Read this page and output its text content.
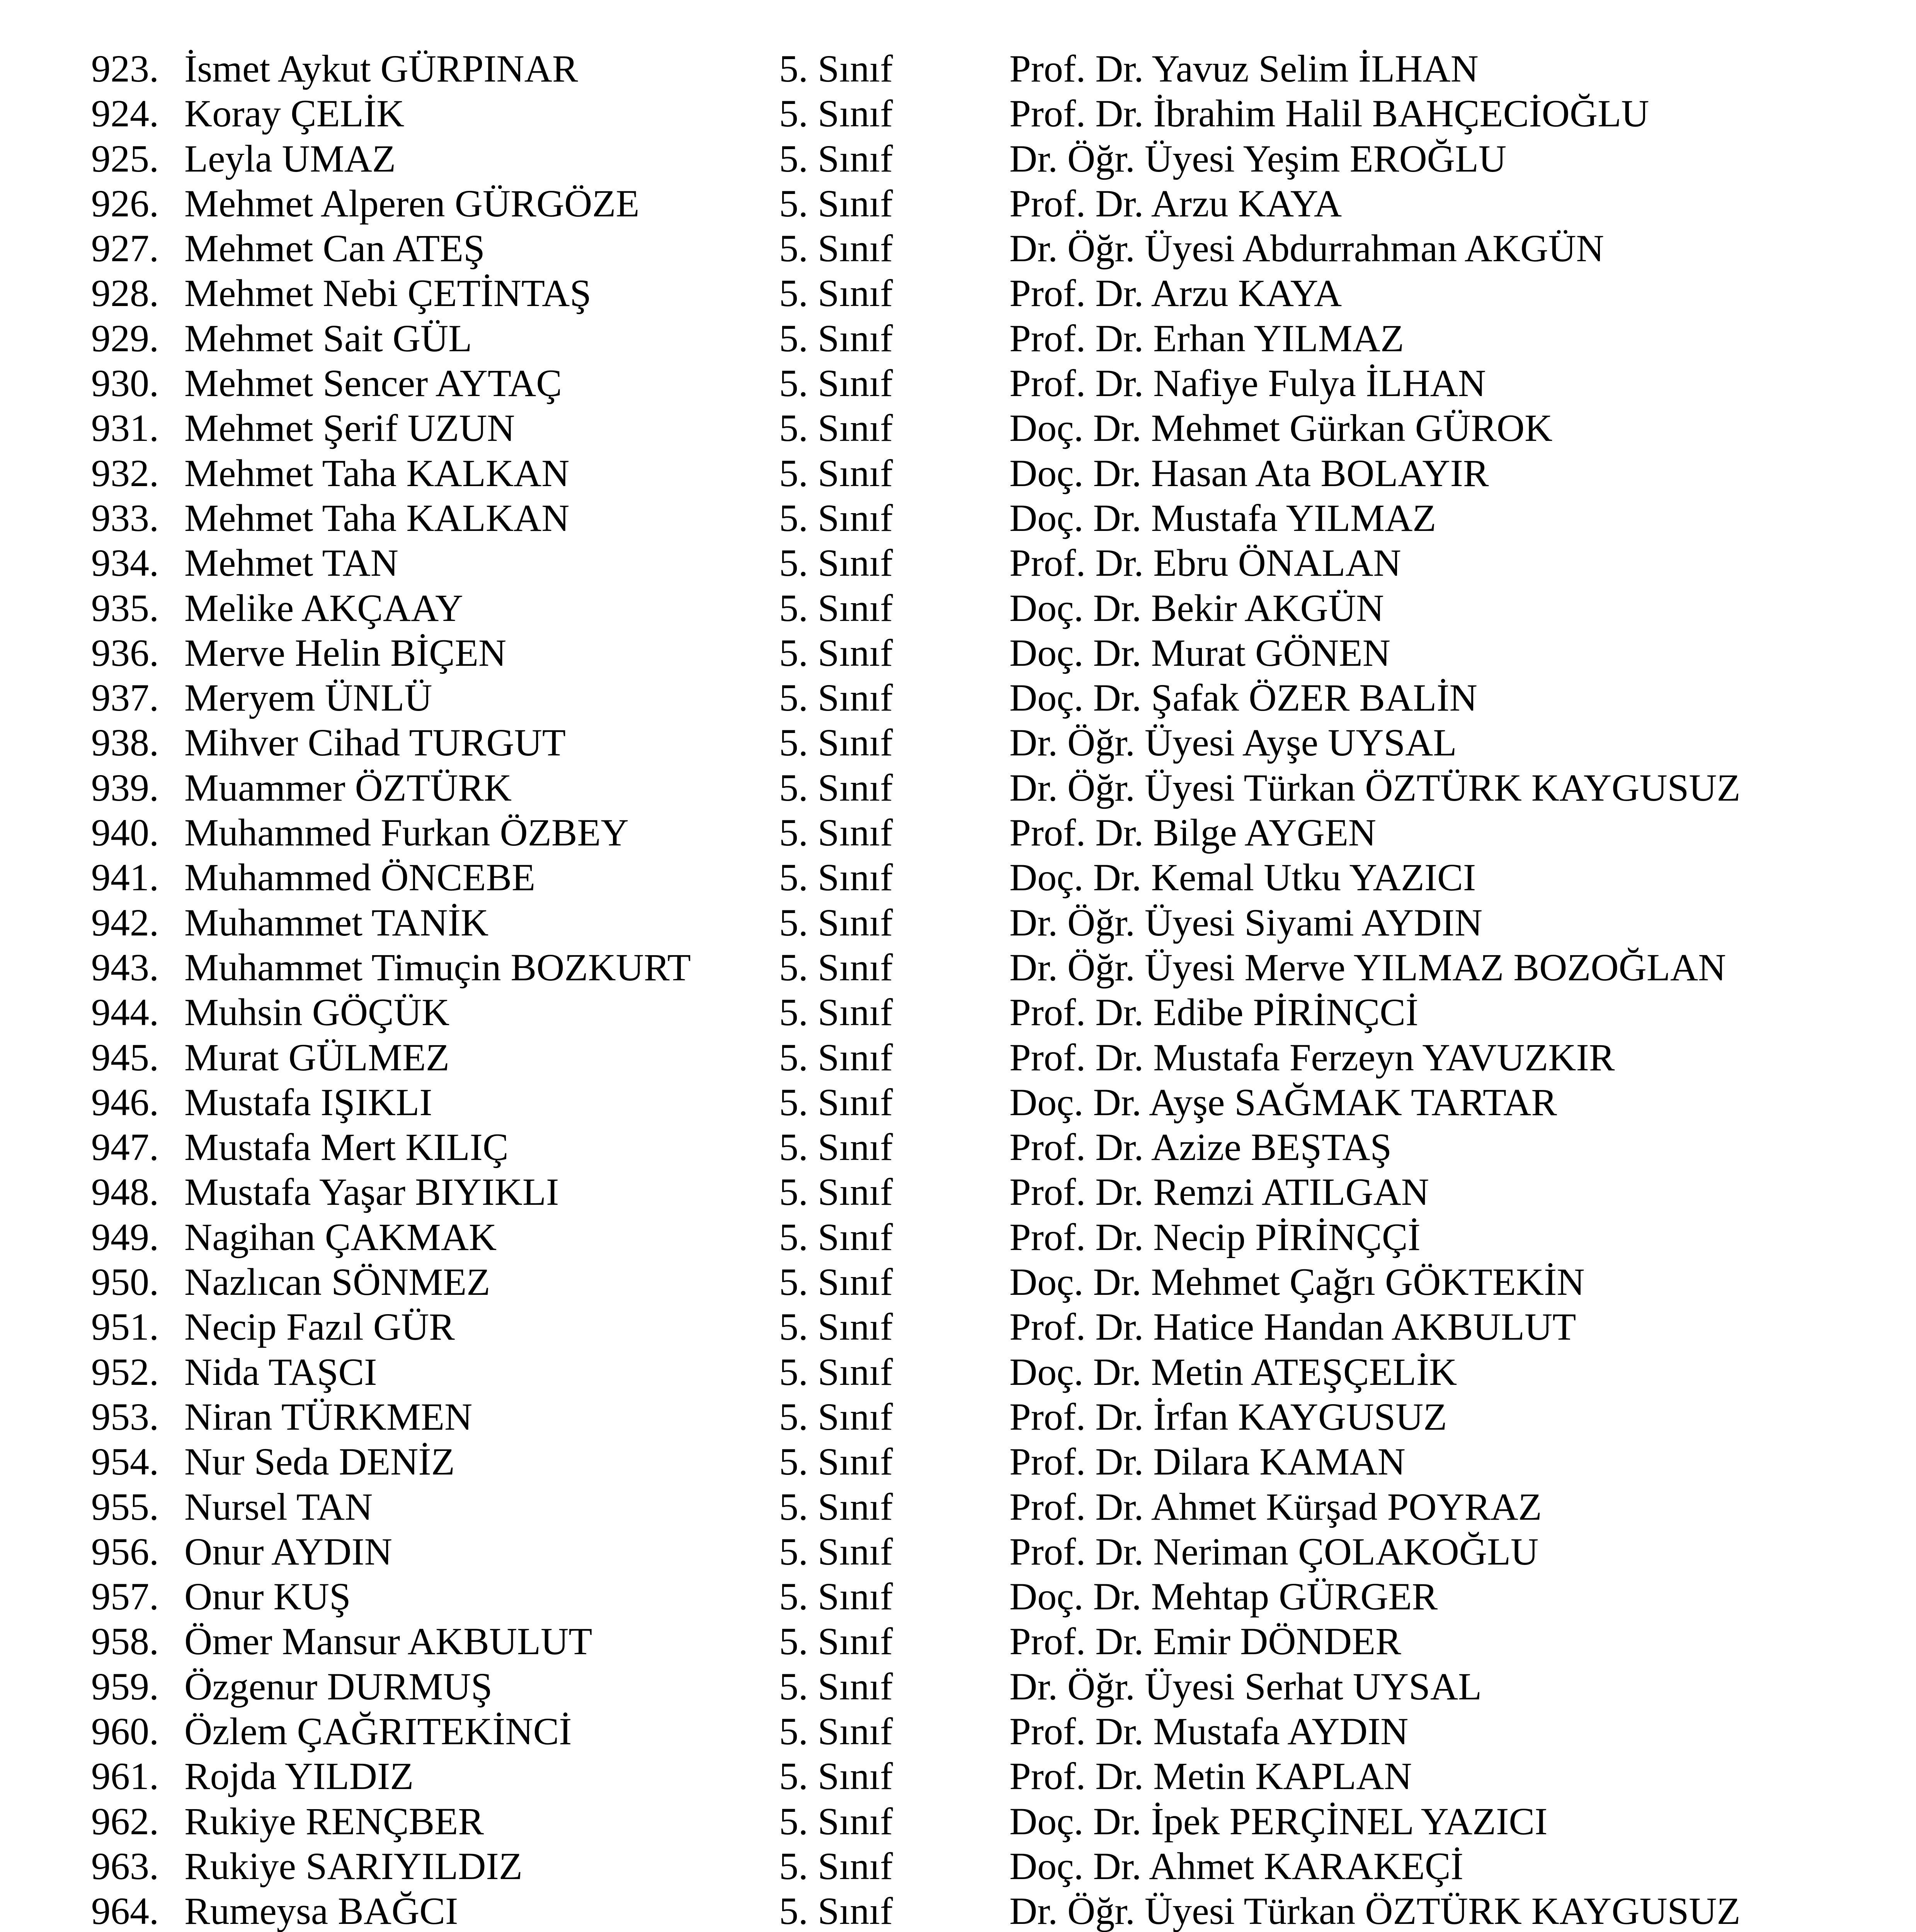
923. İsmet Aykut GÜRPINAR	5. Sınıf	Prof. Dr. Yavuz Selim İLHAN
924. Koray ÇELİK	5. Sınıf	Prof. Dr. İbrahim Halil BAHÇECİOĞLU
925. Leyla UMAZ	5. Sınıf	Dr. Öğr. Üyesi Yeşim EROĞLU
926. Mehmet Alperen GÜRGÖZE	5. Sınıf	Prof. Dr. Arzu KAYA
927. Mehmet Can ATEŞ	5. Sınıf	Dr. Öğr. Üyesi Abdurrahman AKGÜN
928. Mehmet Nebi ÇETİNTAŞ	5. Sınıf	Prof. Dr. Arzu KAYA
929. Mehmet Sait GÜL	5. Sınıf	Prof. Dr. Erhan YILMAZ
930. Mehmet Sencer AYTAÇ	5. Sınıf	Prof. Dr. Nafiye Fulya İLHAN
931. Mehmet Şerif UZUN	5. Sınıf	Doç. Dr. Mehmet Gürkan GÜROK
932. Mehmet Taha KALKAN	5. Sınıf	Doç. Dr. Hasan Ata BOLAYIR
933. Mehmet Taha KALKAN	5. Sınıf	Doç. Dr. Mustafa YILMAZ
934. Mehmet TAN	5. Sınıf	Prof. Dr. Ebru ÖNALAN
935. Melike AKÇAAY	5. Sınıf	Doç. Dr. Bekir AKGÜN
936. Merve Helin BİÇEN	5. Sınıf	Doç. Dr. Murat GÖNEN
937. Meryem ÜNLÜ	5. Sınıf	Doç. Dr. Şafak ÖZER BALİN
938. Mihver Cihad TURGUT	5. Sınıf	Dr. Öğr. Üyesi Ayşe UYSAL
939. Muammer ÖZTÜRK	5. Sınıf	Dr. Öğr. Üyesi Türkan ÖZTÜRK KAYGUSUZ
940. Muhammed Furkan ÖZBEY	5. Sınıf	Prof. Dr. Bilge AYGEN
941. Muhammed ÖNCEBE	5. Sınıf	Doç. Dr. Kemal Utku YAZICI
942. Muhammet TANİK	5. Sınıf	Dr. Öğr. Üyesi Siyami AYDIN
943. Muhammet Timuçin BOZKURT 5. Sınıf	Dr. Öğr. Üyesi Merve YILMAZ BOZOĞLAN
944. Muhsin GÖÇÜK	5. Sınıf	Prof. Dr. Edibe PİRİNÇCİ
945. Murat GÜLMEZ	5. Sınıf	Prof. Dr. Mustafa Ferzeyn YAVUZKIR
946. Mustafa IŞIKLI	5. Sınıf	Doç. Dr. Ayşe SAĞMAK TARTAR
947. Mustafa Mert KILIÇ	5. Sınıf	Prof. Dr. Azize BEŞTAŞ
948. Mustafa Yaşar BIYIKLI	5. Sınıf	Prof. Dr. Remzi ATILGAN
949. Nagihan ÇAKMAK	5. Sınıf	Prof. Dr. Necip PİRİNÇÇİ
950. Nazlıcan SÖNMEZ	5. Sınıf	Doç. Dr. Mehmet Çağrı GÖKTEKİN
951. Necip Fazıl GÜR	5. Sınıf	Prof. Dr. Hatice Handan AKBULUT
952. Nida TAŞCI	5. Sınıf	Doç. Dr. Metin ATEŞÇELİK
953. Niran TÜRKMEN	5. Sınıf	Prof. Dr. İrfan KAYGUSUZ
954. Nur Seda DENİZ	5. Sınıf	Prof. Dr. Dilara KAMAN
955. Nursel TAN	5. Sınıf	Prof. Dr. Ahmet Kürşad POYRAZ
956. Onur AYDIN	5. Sınıf	Prof. Dr. Neriman ÇOLAKOĞLU
957. Onur KUŞ	5. Sınıf	Doç. Dr. Mehtap GÜRGER
958. Ömer Mansur AKBULUT	5. Sınıf	Prof. Dr. Emir DÖNDER
959. Özgenur DURMUŞ	5. Sınıf	Dr. Öğr. Üyesi Serhat UYSAL
960. Özlem ÇAĞRITEKİNCİ	5. Sınıf	Prof. Dr. Mustafa AYDIN
961. Rojda YILDIZ	5. Sınıf	Prof. Dr. Metin KAPLAN
962. Rukiye RENÇBER	5. Sınıf	Doç. Dr. İpek PERÇİNEL YAZICI
963. Rukiye SARIYILDIZ	5. Sınıf	Doç. Dr. Ahmet KARAKEÇİ
964. Rumeysa BAĞCI	5. Sınıf	Dr. Öğr. Üyesi Türkan ÖZTÜRK KAYGUSUZ
